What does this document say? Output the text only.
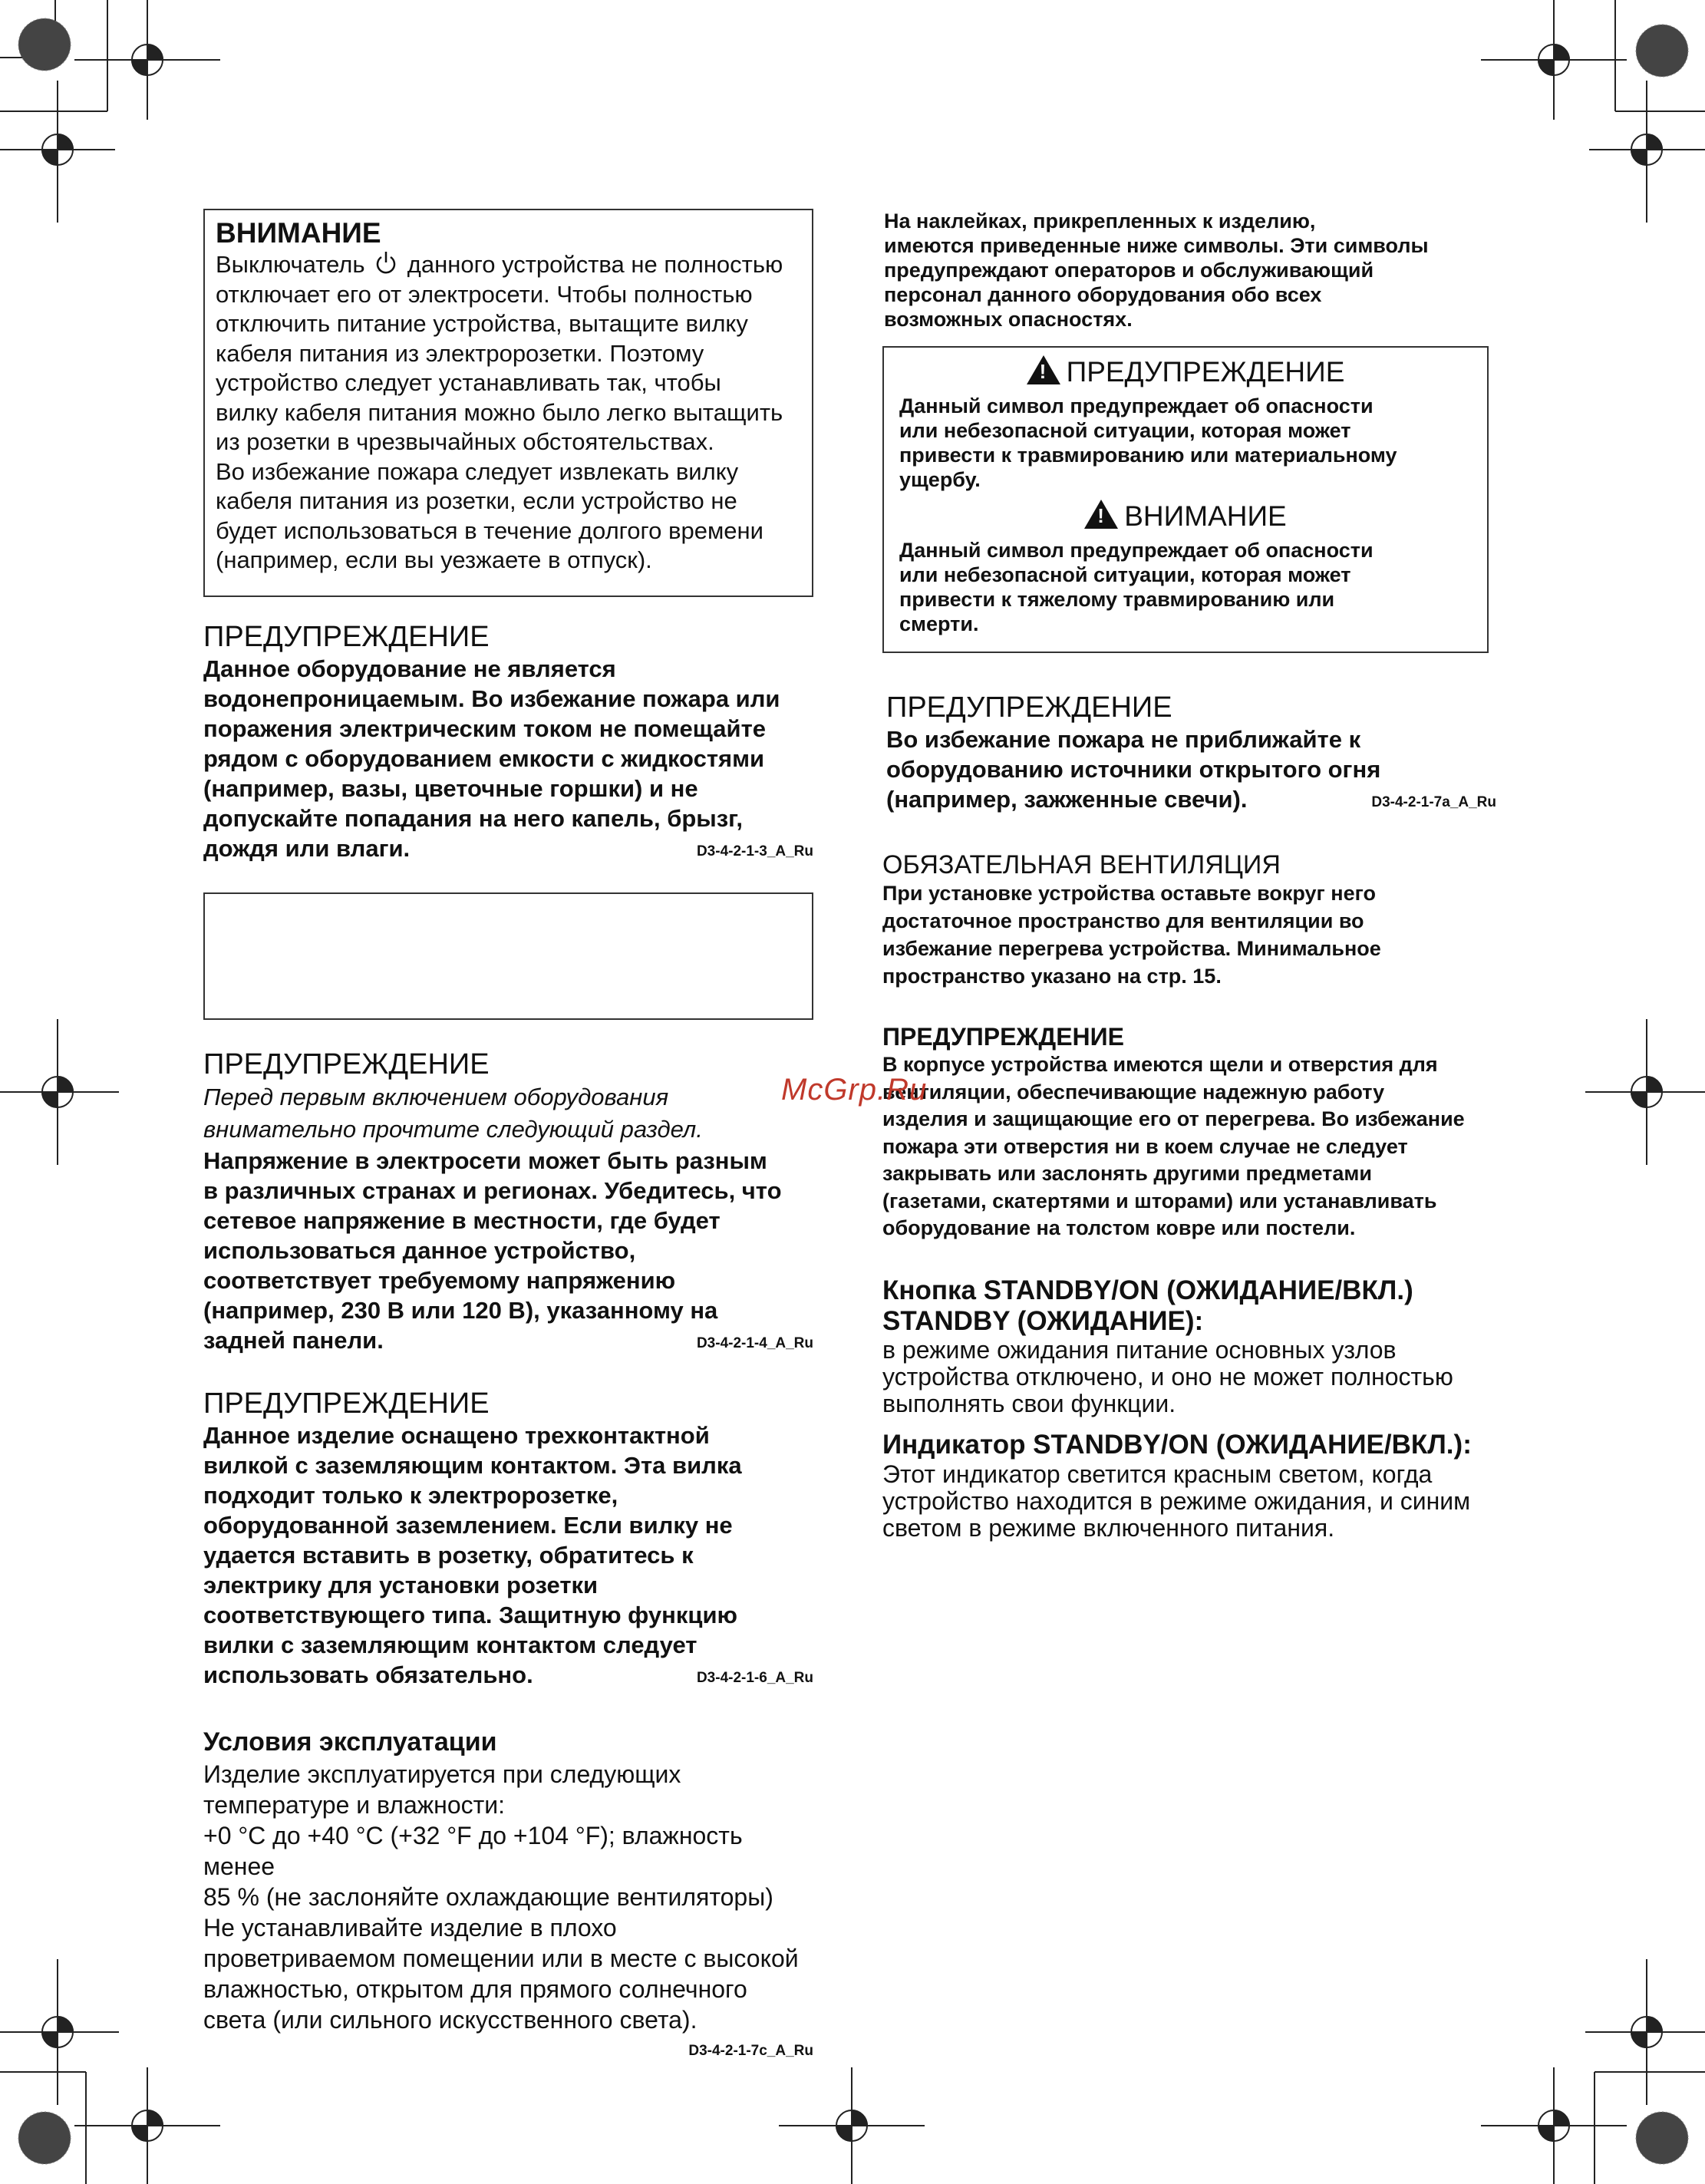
ВНИМАНИЕ
Выключатель данного устройства не полностью

отключает его от электросети. Чтобы полностью
отключить питание устройства, вытащите вилку
кабеля питания из электророзетки. Поэтому
устройство следует устанавливать так, чтобы
вилку кабеля питания можно было легко вытащить
из розетки в чрезвычайных обстоятельствах.
Во избежание пожара следует извлекать вилку
кабеля питания из розетки, если устройство не
будет использоваться в течение долгого времени
(например, если вы уезжаете в отпуск).

ПРЕДУПРЕЖДЕНИЕ

Данное оборудование не является
водонепроницаемым. Во избежание пожара или
поражения электрическим током не помещайте
рядом с оборудованием емкости с жидкостями
(например, вазы, цветочные горшки) и не
допускайте попадания на него капель, брызг,
дождя или влаги.	D3-4-2-1-3_A_Ru
ПРЕДУПРЕЖДЕНИЕ

Перед первым включением оборудования
внимательно прочтите следующий раздел.

Напряжение в электросети может быть разным
в различных странах и регионах. Убедитесь, что
сетевое напряжение в местности, где будет
использоваться данное устройство,
соответствует требуемому напряжению
(например, 230 В или 120 В), указанному на
задней панели.	D3-4-2-1-4_A_Ru
ПРЕДУПРЕЖДЕНИЕ

Данное изделие оснащено трехконтактной
вилкой с заземляющим контактом. Эта вилка
подходит только к электророзетке,
оборудованной заземлением. Если вилку не
удается вставить в розетку, обратитесь к
электрику для установки розетки
соответствующего типа. Защитную функцию
вилки с заземляющим контактом следует
использовать обязательно.	D3-4-2-1-6_A_Ru
Условия эксплуатации

Изделие эксплуатируется при следующих
температуре и влажности:
+0 °C до +40 °C (+32 °F до +104 °F); влажность менее
85 % (не заслоняйте охлаждающие вентиляторы)
Не устанавливайте изделие в плохо
проветриваемом помещении или в месте с высокой
влажностью, открытом для прямого солнечного
света (или сильного искусственного света).

D3-4-2-1-7c_A_Ru

На наклейках, прикрепленных к изделию,
имеются приведенные ниже символы. Эти символы
предупреждают операторов и обслуживающий
персонал данного оборудования обо всех
возможных опасностях.

!ПРЕДУПРЕЖДЕНИЕ

Данный символ предупреждает об опасности
или небезопасной ситуации, которая может
привести к травмированию или материальному
ущербу.

!ВНИМАНИЕ

Данный символ предупреждает об опасности
или небезопасной ситуации, которая может
привести к тяжелому травмированию или
смерти.

ПРЕДУПРЕЖДЕНИЕ

Во избежание пожара не приближайте к
оборудованию источники открытого огня
(например, зажженные свечи).	D3-4-2-1-7a_A_Ru
ОБЯЗАТЕЛЬНАЯ ВЕНТИЛЯЦИЯ

При установке устройства оставьте вокруг него
достаточное пространство для вентиляции во
избежание перегрева устройства. Минимальное
пространство указано на стр. 15.

ПРЕДУПРЕЖДЕНИЕ

В корпусе устройства имеются щели и отверстия для
вентиляции, обеспечивающие надежную работу
изделия и защищающие его от перегрева. Во избежание
пожара эти отверстия ни в коем случае не следует
закрывать или заслонять другими предметами
(газетами, скатертями и шторами) или устанавливать
оборудование на толстом ковре или постели.

McGrp.Ru

Кнопка STANDBY/ON (ОЖИДАНИЕ/ВКЛ.)
STANDBY (ОЖИДАНИЕ):

в режиме ожидания питание основных узлов
устройства отключено, и оно не может полностью
выполнять свои функции.

Индикатор STANDBY/ON (ОЖИДАНИЕ/ВКЛ.):

Этот индикатор светится красным светом, когда
устройство находится в режиме ожидания, и синим
светом в режиме включенного питания.
